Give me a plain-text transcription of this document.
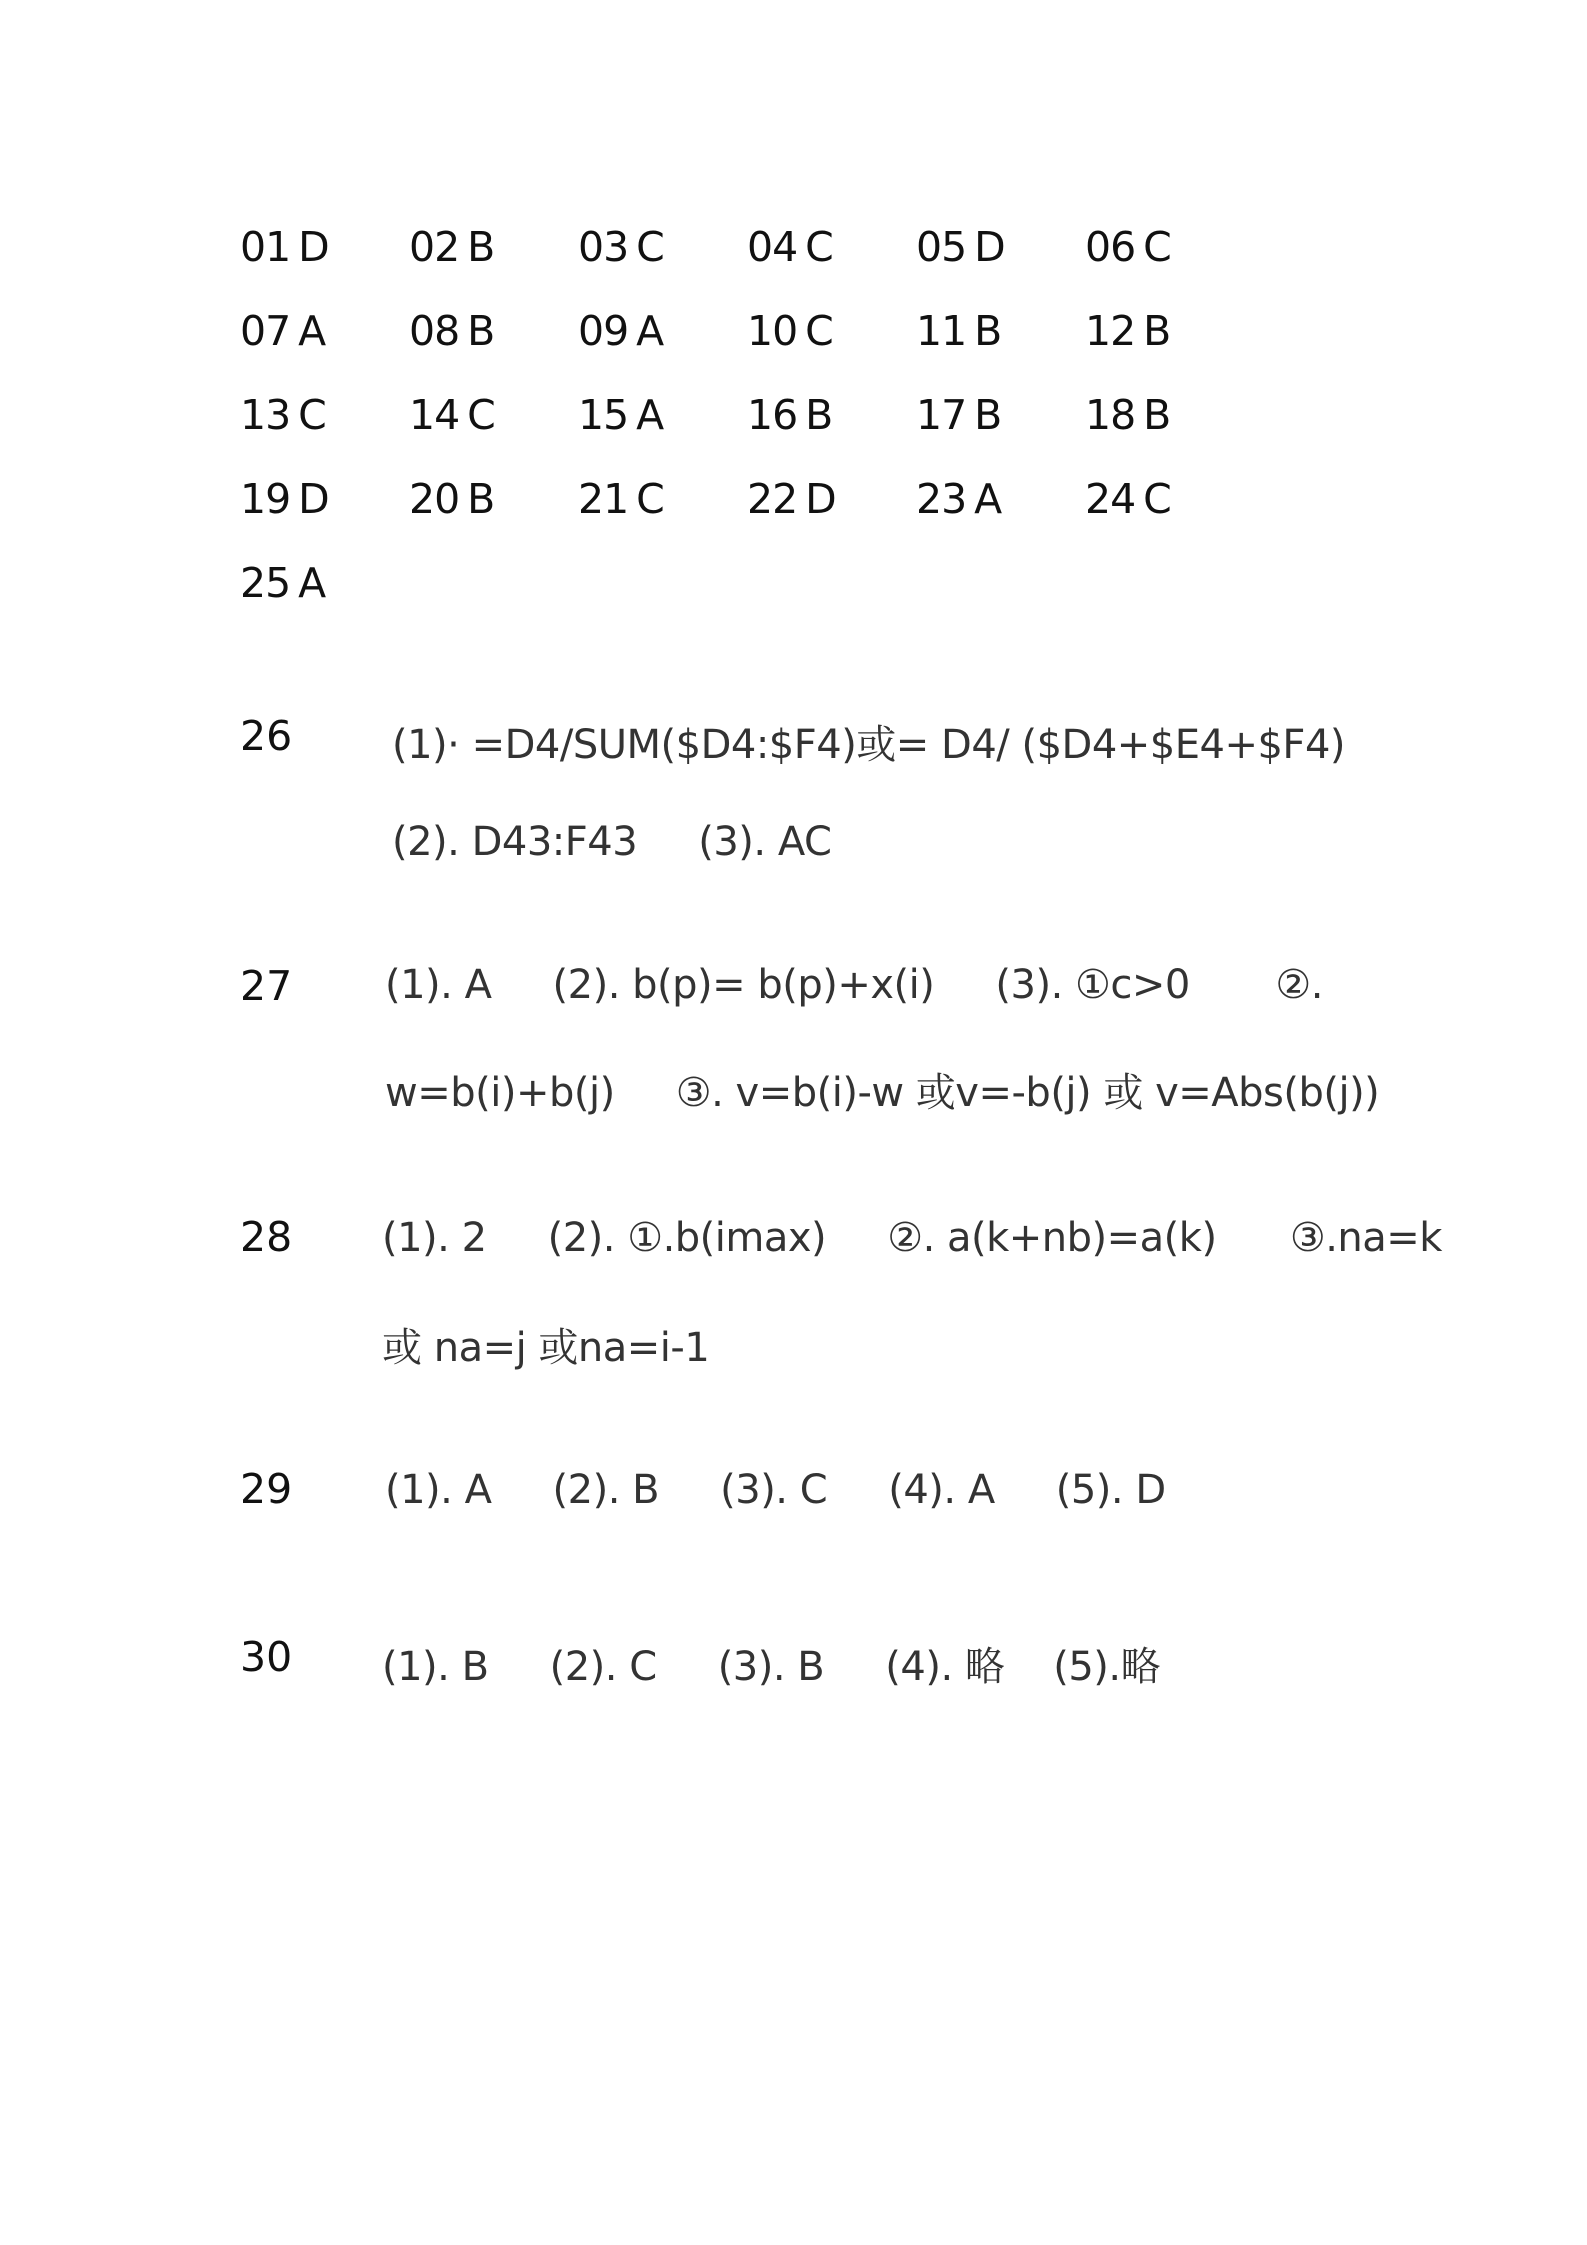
01 D	02 B	03 C	04 C	05 D	06 C
07 A	08 B	09 A	10 C	11 B	12 B
13 C	14 C	15 A	16 B	17 B	18 B
19 D	20 B	21 C	22 D	23 A	24 C
25 A
26 (1)· =D4/SUM($D4:$F4)或= D4/ ($D4+$E4+$F4)
(2). D43:F43     (3). AC
27 (1). A     (2). b(p)= b(p)+x(i)     (3). ①c>0       ②.
w=b(i)+b(j)     ③. v=b(i)-w 或v=-b(j) 或 v=Abs(b(j))
28 (1). 2     (2). ①.b(imax)     ②. a(k+nb)=a(k)      ③.na=k
或 na=j 或na=i-1
29 (1). A     (2). B     (3). C     (4). A     (5). D
30 (1). B     (2). C     (3). B     (4). 略    (5).略
